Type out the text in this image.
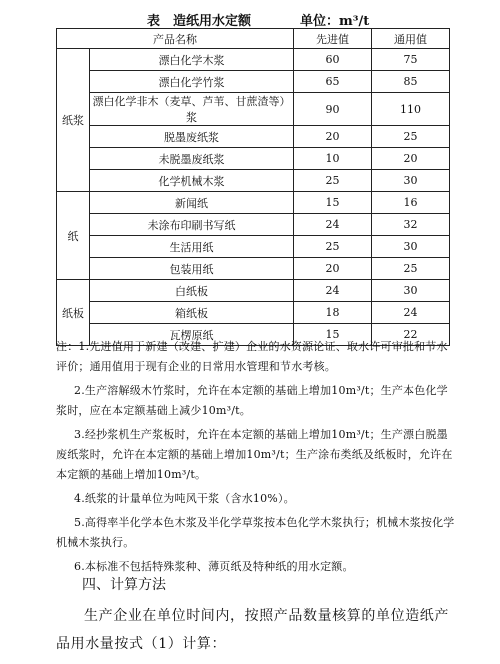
表　造纸用水定额	单位：m³/t
产品名称		先进值	通用值
纸浆	漂白化学木浆	60	75
	漂白化学竹浆	65	85
	漂白化学非木（麦草、芦苇、甘蔗渣等）浆	90	110
	脱墨废纸浆	20	25
	未脱墨废纸浆	10	20
	化学机械木浆	25	30
纸	新闻纸	15	16
	未涂布印刷书写纸	24	32
	生活用纸	25	30
	包装用纸	20	25
纸板	白纸板	24	30
	箱纸板	18	24
	瓦楞原纸	15	22

注：1.先进值用于新建（改建、扩建）企业的水资源论证、取水许可审批和节水评价；通用值用于现有企业的日常用水管理和节水考核。

2.生产溶解级木竹浆时，允许在本定额的基础上增加10m³/t；生产本色化学浆时，应在本定额基础上减少10m³/t。

3.经抄浆机生产浆板时，允许在本定额的基础上增加10m³/t；生产漂白脱墨废纸浆时，允许在本定额的基础上增加10m³/t；生产涂布类纸及纸板时，允许在本定额的基础上增加10m³/t。

4.纸浆的计量单位为吨风干浆（含水10%）。

5.高得率半化学本色木浆及半化学草浆按本色化学木浆执行；机械木浆按化学机械木浆执行。

6.本标准不包括特殊浆种、薄页纸及特种纸的用水定额。

四、计算方法
生产企业在单位时间内，按照产品数量核算的单位造纸产品用水量按式（1）计算：
